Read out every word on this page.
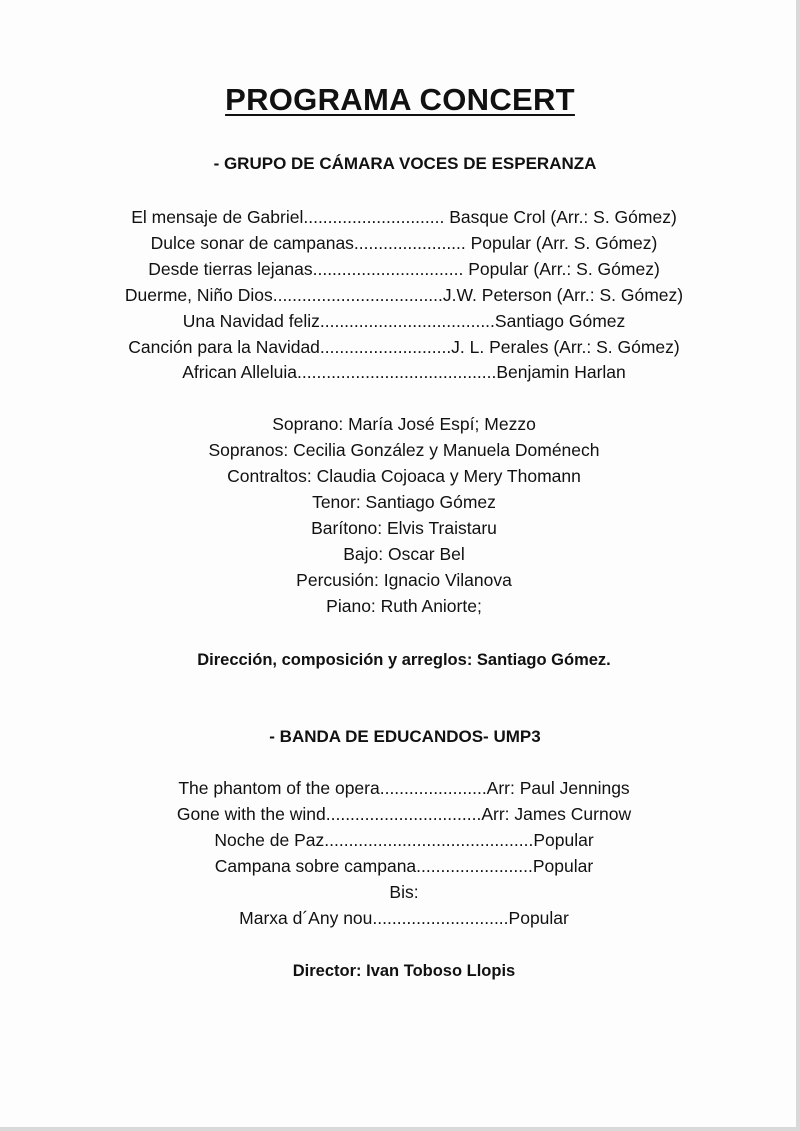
PROGRAMA CONCERT
- GRUPO DE CÁMARA VOCES DE ESPERANZA
El mensaje de Gabriel............................. Basque Crol (Arr.: S. Gómez)
Dulce sonar de campanas....................... Popular (Arr. S. Gómez)
Desde tierras lejanas............................... Popular (Arr.: S. Gómez)
Duerme, Niño Dios...................................J.W. Peterson (Arr.: S. Gómez)
Una Navidad feliz....................................Santiago Gómez
Canción para la Navidad...........................J. L. Perales (Arr.: S. Gómez)
African Alleluia.........................................Benjamin Harlan
Soprano: María José Espí; Mezzo
Sopranos: Cecilia González y Manuela Doménech
Contraltos: Claudia Cojoaca y Mery Thomann
Tenor: Santiago Gómez
Barítono: Elvis Traistaru
Bajo: Oscar Bel
Percusión: Ignacio Vilanova
Piano: Ruth Aniorte;
Dirección, composición y arreglos: Santiago Gómez.
- BANDA DE EDUCANDOS- UMP3
The phantom of the opera......................Arr: Paul Jennings
Gone with the wind................................Arr: James Curnow
Noche de Paz...........................................Popular
Campana sobre campana........................Popular
Bis:
Marxa d´Any nou............................Popular
Director: Ivan Toboso Llopis
